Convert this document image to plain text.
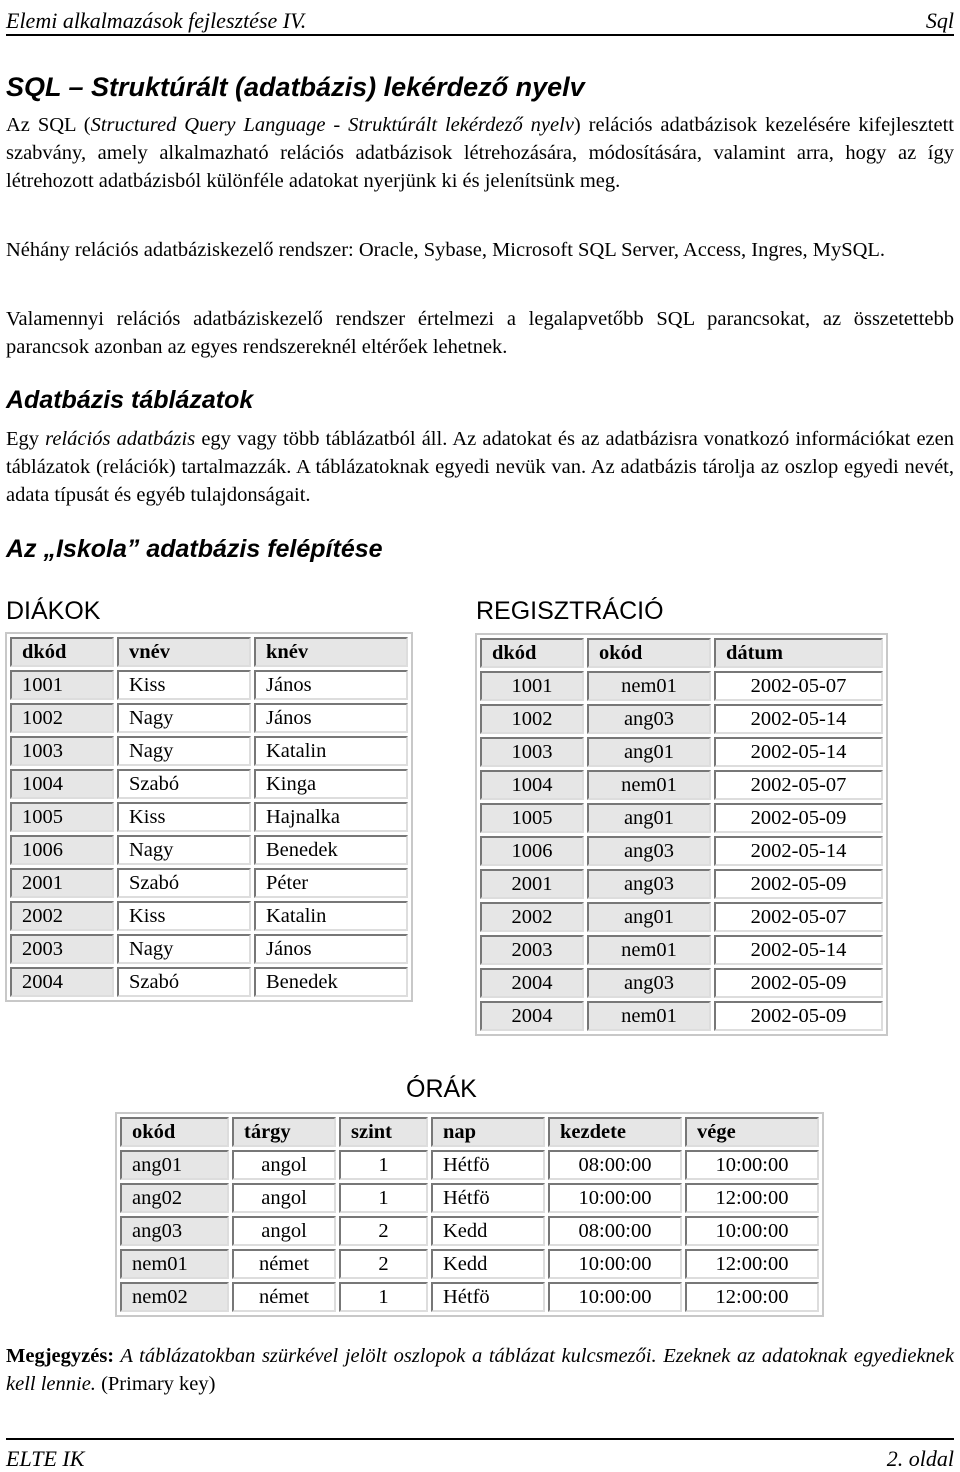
Elemi alkalmazások fejlesztése IV.	Sql
SQL – Struktúrált (adatbázis) lekérdező nyelv
Az SQL (Structured Query Language - Struktúrált lekérdező nyelv) relációs adatbázisok kezelésére kifejlesztett szabvány, amely alkalmazható relációs adatbázisok létrehozására, módosítására, valamint arra, hogy az így létrehozott adatbázisból különféle adatokat nyerjünk ki és jelenítsünk meg.
Néhány relációs adatbáziskezelő rendszer: Oracle, Sybase, Microsoft SQL Server, Access, Ingres, MySQL.
Valamennyi relációs adatbáziskezelő rendszer értelmezi a legalapvetőbb SQL parancsokat, az összetettebb parancsok azonban az egyes rendszereknél eltérőek lehetnek.
Adatbázis táblázatok
Egy relációs adatbázis egy vagy több táblázatból áll. Az adatokat és az adatbázisra vonatkozó információkat ezen táblázatok (relációk) tartalmazzák. A táblázatoknak egyedi nevük van. Az adatbázis tárolja az oszlop egyedi nevét, adata típusát és egyéb tulajdonságait.
Az „Iskola” adatbázis felépítése
DIÁKOK
dkód	vnév	knév
1001	Kiss	János
1002	Nagy	János
1003	Nagy	Katalin
1004	Szabó	Kinga
1005	Kiss	Hajnalka
1006	Nagy	Benedek
2001	Szabó	Péter
2002	Kiss	Katalin
2003	Nagy	János
2004	Szabó	Benedek
REGISZTRÁCIÓ
dkód	okód	dátum
1001	nem01	2002-05-07
1002	ang03	2002-05-14
1003	ang01	2002-05-14
1004	nem01	2002-05-07
1005	ang01	2002-05-09
1006	ang03	2002-05-14
2001	ang03	2002-05-09
2002	ang01	2002-05-07
2003	nem01	2002-05-14
2004	ang03	2002-05-09
2004	nem01	2002-05-09
ÓRÁK
okód	tárgy	szint	nap	kezdete	vége
ang01	angol	1	Hétfö	08:00:00	10:00:00
ang02	angol	1	Hétfö	10:00:00	12:00:00
ang03	angol	2	Kedd	08:00:00	10:00:00
nem01	német	2	Kedd	10:00:00	12:00:00
nem02	német	1	Hétfö	10:00:00	12:00:00
Megjegyzés: A táblázatokban szürkével jelölt oszlopok a táblázat kulcsmezői. Ezeknek az adatoknak egyedieknek kell lennie. (Primary key)
ELTE IK	2. oldal
